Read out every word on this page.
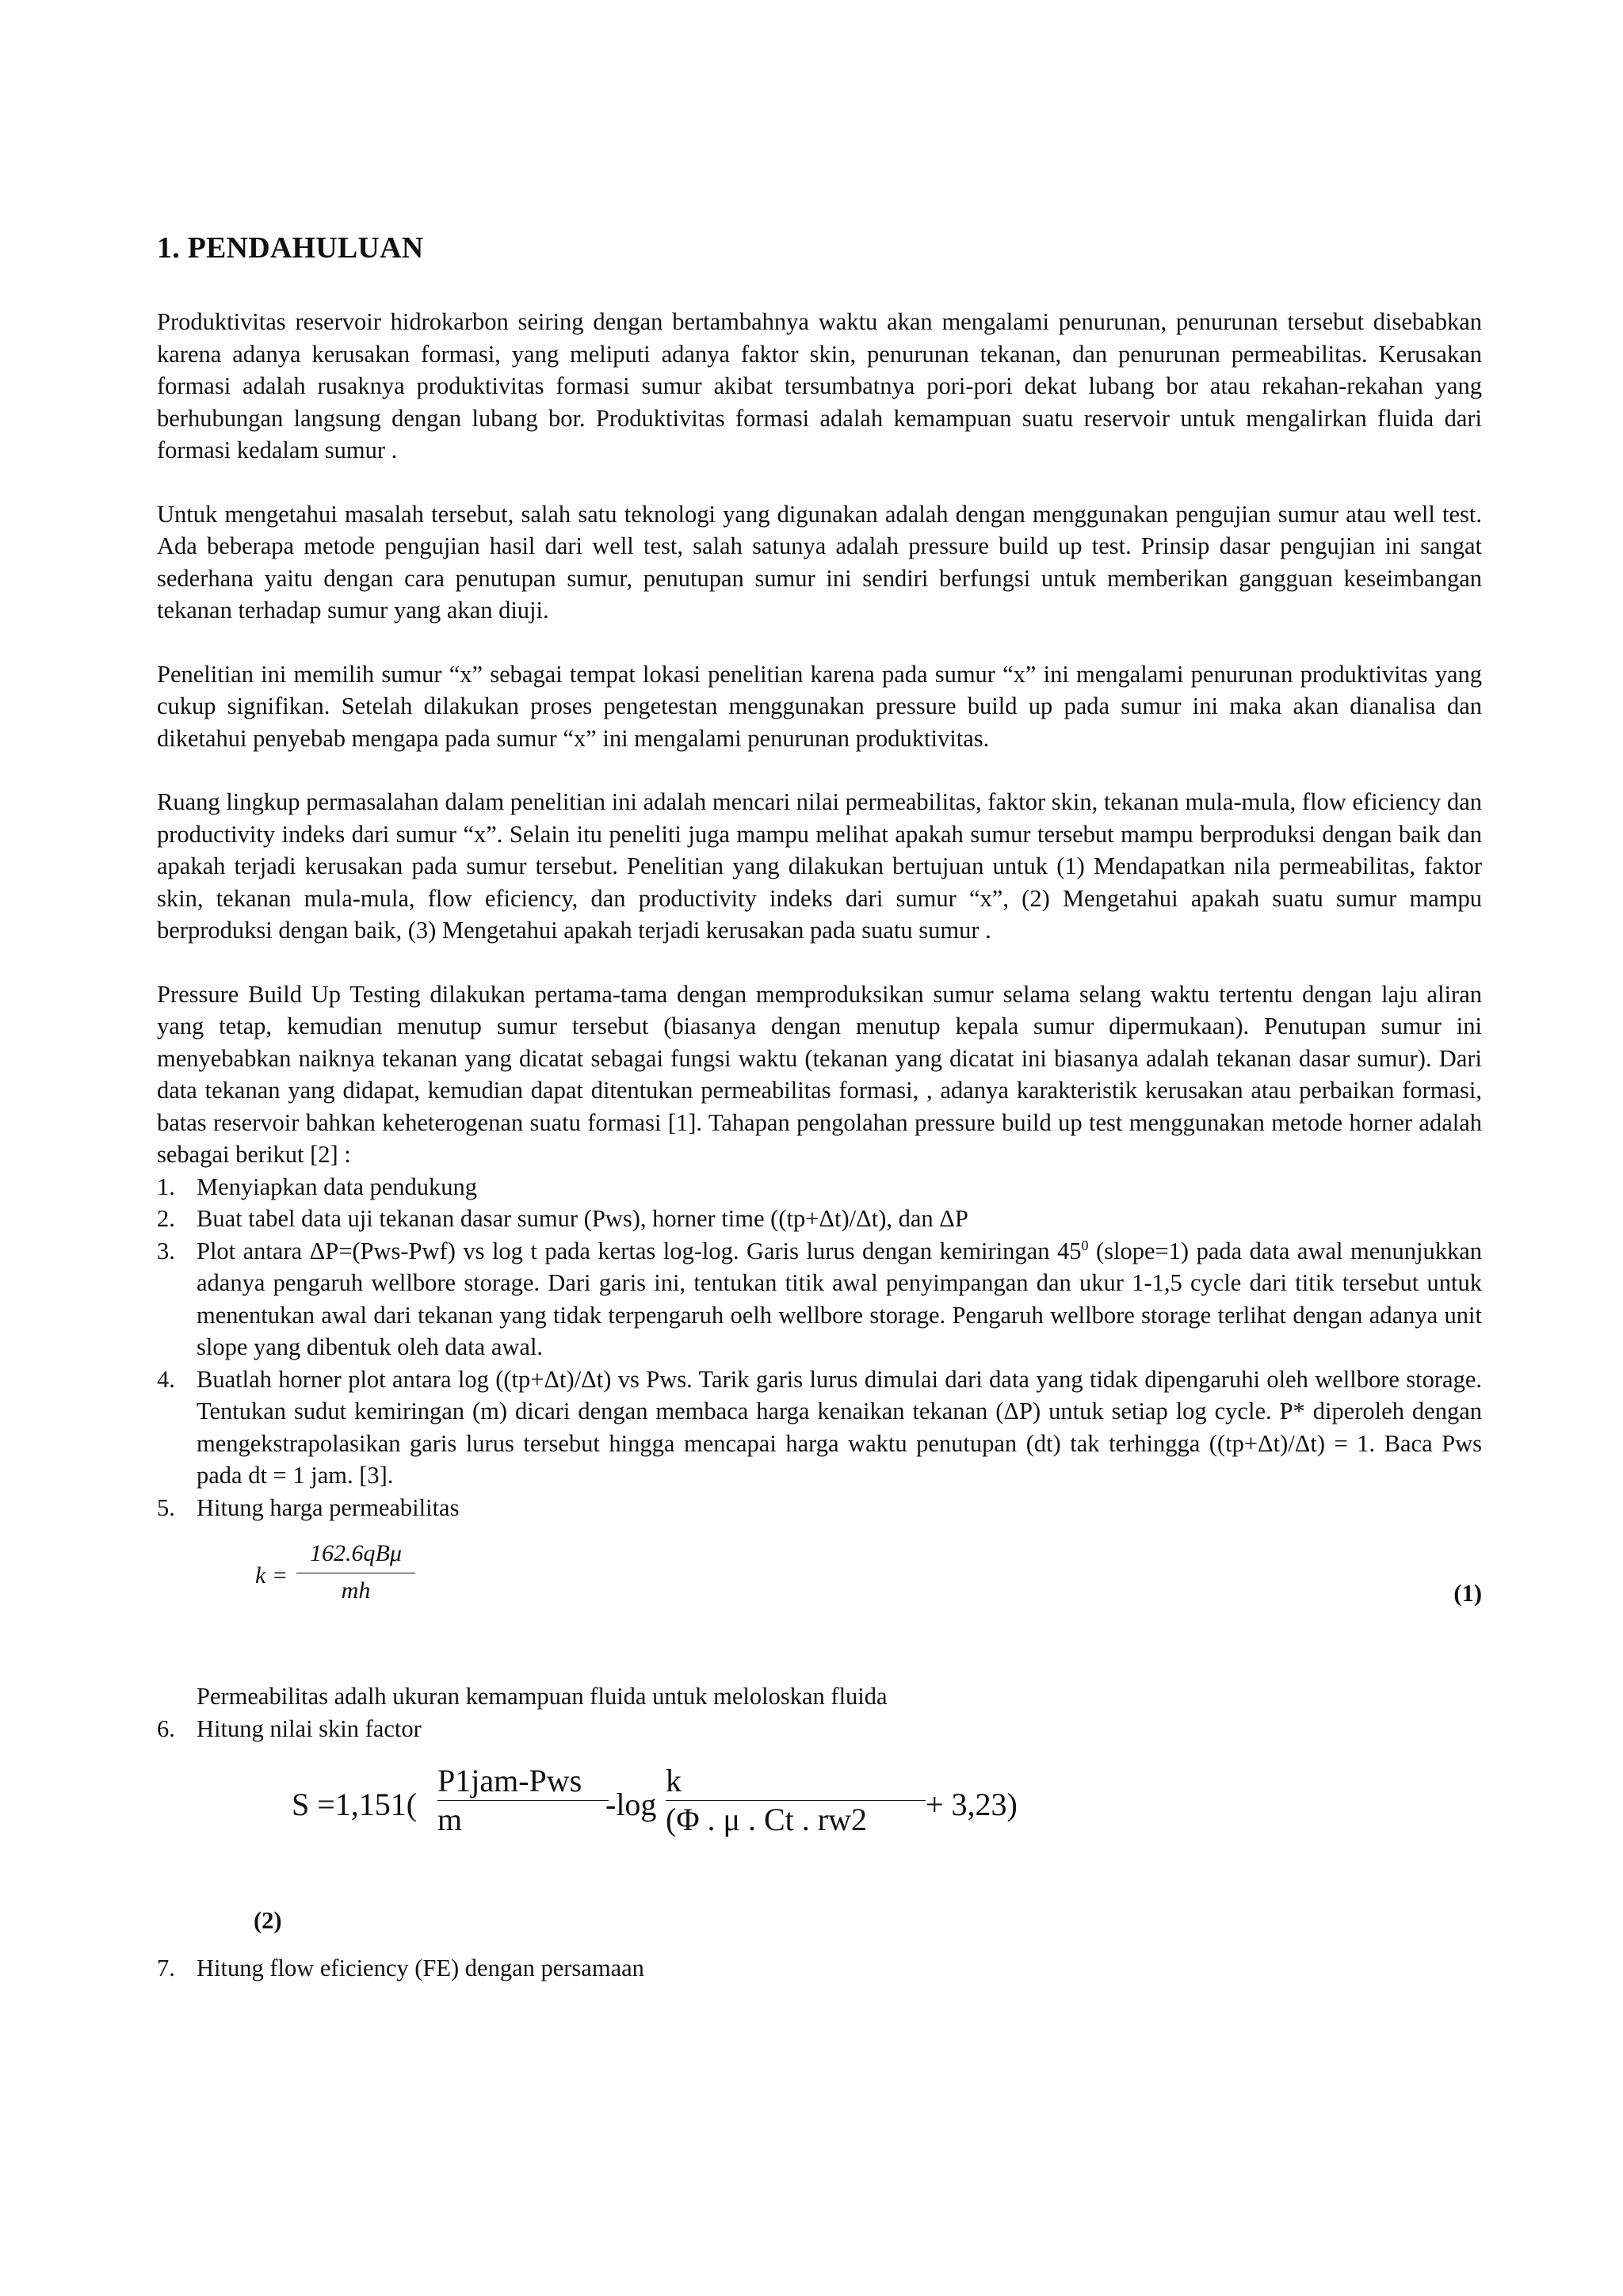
1. PENDAHULUAN

Produktivitas reservoir hidrokarbon seiring dengan bertambahnya waktu akan mengalami penurunan, penurunan tersebut disebabkan karena adanya kerusakan formasi, yang meliputi adanya faktor skin, penurunan tekanan, dan penurunan permeabilitas. Kerusakan formasi adalah rusaknya produktivitas formasi sumur akibat tersumbatnya pori-pori dekat lubang bor atau rekahan-rekahan yang berhubungan langsung dengan lubang bor. Produktivitas formasi adalah kemampuan suatu reservoir untuk mengalirkan fluida dari formasi kedalam sumur .

Untuk mengetahui masalah tersebut, salah satu teknologi yang digunakan adalah dengan menggunakan pengujian sumur atau well test. Ada beberapa metode pengujian hasil dari well test, salah satunya adalah pressure build up test. Prinsip dasar pengujian ini sangat sederhana yaitu dengan cara penutupan sumur, penutupan sumur ini sendiri berfungsi untuk memberikan gangguan keseimbangan tekanan terhadap sumur yang akan diuji.

Penelitian ini memilih sumur “x” sebagai tempat lokasi penelitian karena pada sumur “x” ini mengalami penurunan produktivitas yang cukup signifikan. Setelah dilakukan proses pengetestan menggunakan pressure build up pada sumur ini maka akan dianalisa dan diketahui penyebab mengapa pada sumur “x” ini mengalami penurunan produktivitas.

Ruang lingkup permasalahan dalam penelitian ini adalah mencari nilai permeabilitas, faktor skin, tekanan mula-mula, flow eficiency dan productivity indeks dari sumur “x”. Selain itu peneliti juga mampu melihat apakah sumur tersebut mampu berproduksi dengan baik dan apakah terjadi kerusakan pada sumur tersebut. Penelitian yang dilakukan bertujuan untuk (1) Mendapatkan nila permeabilitas, faktor skin, tekanan mula-mula, flow eficiency, dan productivity indeks dari sumur “x”, (2) Mengetahui apakah suatu sumur mampu berproduksi dengan baik, (3) Mengetahui apakah terjadi kerusakan pada suatu sumur .

Pressure Build Up Testing dilakukan pertama-tama dengan memproduksikan sumur selama selang waktu tertentu dengan laju aliran yang tetap, kemudian menutup sumur tersebut (biasanya dengan menutup kepala sumur dipermukaan). Penutupan sumur ini menyebabkan naiknya tekanan yang dicatat sebagai fungsi waktu (tekanan yang dicatat ini biasanya adalah tekanan dasar sumur). Dari data tekanan yang didapat, kemudian dapat ditentukan permeabilitas formasi, , adanya karakteristik kerusakan atau perbaikan formasi, batas reservoir bahkan keheterogenan suatu formasi [1]. Tahapan pengolahan pressure build up test menggunakan metode horner adalah sebagai berikut [2] :

1. Menyiapkan data pendukung
2. Buat tabel data uji tekanan dasar sumur (Pws), horner time ((tp+Δt)/Δt), dan ΔP
3. Plot antara ΔP=(Pws-Pwf) vs log t pada kertas log-log. Garis lurus dengan kemiringan $45^0$ (slope=1) pada data awal menunjukkan adanya pengaruh wellbore storage. Dari garis ini, tentukan titik awal penyimpangan dan ukur 1-1,5 cycle dari titik tersebut untuk menentukan awal dari tekanan yang tidak terpengaruh oelh wellbore storage. Pengaruh wellbore storage terlihat dengan adanya unit slope yang dibentuk oleh data awal.
4. Buatlah horner plot antara log ((tp+Δt)/Δt) vs Pws. Tarik garis lurus dimulai dari data yang tidak dipengaruhi oleh wellbore storage. Tentukan sudut kemiringan (m) dicari dengan membaca harga kenaikan tekanan (ΔP) untuk setiap log cycle. P* diperoleh dengan mengekstrapolasikan garis lurus tersebut hingga mencapai harga waktu penutupan (dt) tak terhingga ((tp+Δt)/Δt) = 1. Baca Pws pada dt = 1 jam. [3].
5. Hitung harga permeabilitas
k =
162.6qBμ
mh	(1)
Permeabilitas adalh ukuran kemampuan fluida untuk meloloskan fluida
6. Hitung nilai skin factor
S =1,151(
P1jam-Pws
m	$-\log \frac{k}{(\Phi . \mu . Ct . rw2} + 3,23$)
(2)
7. Hitung flow eficiency (FE) dengan persamaan
